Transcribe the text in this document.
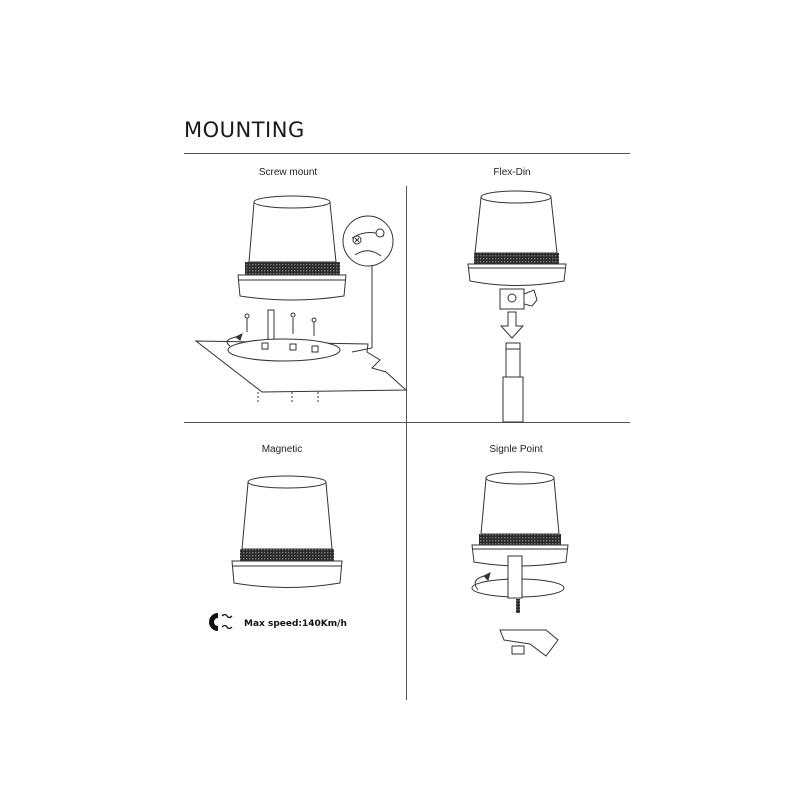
MOUNTING
Screw mount	Flex-Din
Magnetic	Signle Point
Max speed:140Km/h
